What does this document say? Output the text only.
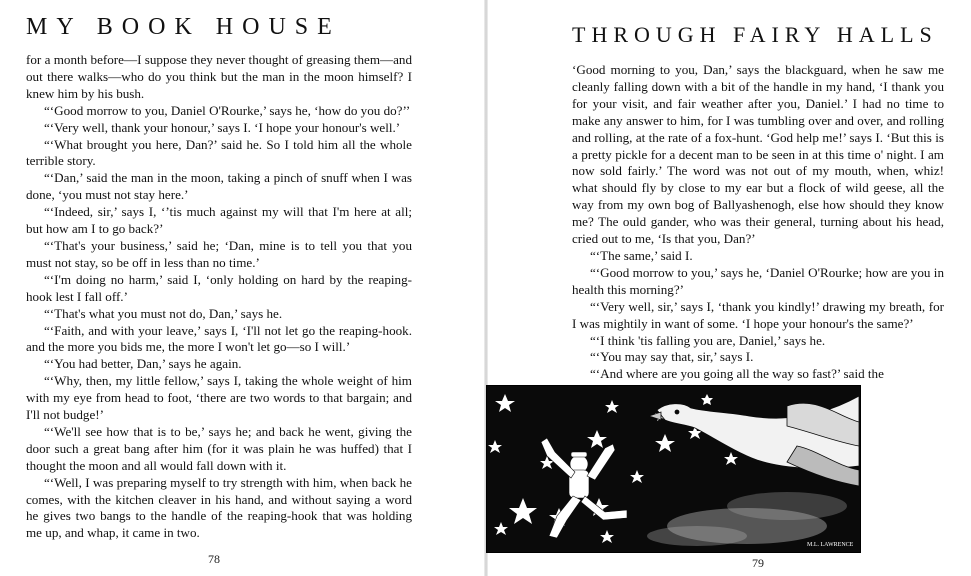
MY BOOK HOUSE

for a month before—I suppose they never thought of greasing them—and out there walks—who do you think but the man in the moon himself? I knew him by his bush.

“‘Good morrow to you, Daniel O'Rourke,’ says he, ‘how do you do?’’

“‘Very well, thank your honour,’ says I. ‘I hope your honour's well.’

“‘What brought you here, Dan?’ said he. So I told him all the whole terrible story.

“‘Dan,’ said the man in the moon, taking a pinch of snuff when I was done, ‘you must not stay here.’

“‘Indeed, sir,’ says I, ‘’tis much against my will that I'm here at all; but how am I to go back?’

“‘That's your business,’ said he; ‘Dan, mine is to tell you that you must not stay, so be off in less than no time.’

“‘I'm doing no harm,’ said I, ‘only holding on hard by the reaping-hook lest I fall off.’

“‘That's what you must not do, Dan,’ says he.

“‘Faith, and with your leave,’ says I, ‘I'll not let go the reaping-hook. and the more you bids me, the more I won't let go—so I will.’

“‘You had better, Dan,’ says he again.

“‘Why, then, my little fellow,’ says I, taking the whole weight of him with my eye from head to foot, ‘there are two words to that bargain; and I'll not budge!’

“‘We'll see how that is to be,’ says he; and back he went, giving the door such a great bang after him (for it was plain he was huffed) that I thought the moon and all would fall down with it.

“‘Well, I was preparing myself to try strength with him, when back he comes, with the kitchen cleaver in his hand, and without saying a word he gives two bangs to the handle of the reaping-hook that was holding me up, and whap, it came in two.

78
THROUGH FAIRY HALLS

‘Good morning to you, Dan,’ says the blackguard, when he saw me cleanly falling down with a bit of the handle in my hand, ‘I thank you for your visit, and fair weather after you, Daniel.’ I had no time to make any answer to him, for I was tumbling over and over, and rolling and rolling, at the rate of a fox-hunt. ‘God help me!’ says I. ‘But this is a pretty pickle for a decent man to be seen in at this time o' night. I am now sold fairly.’ The word was not out of my mouth, when, whiz! what should fly by close to my ear but a flock of wild geese, all the way from my own bog of Ballyashenogh, else how should they know me? The ould gander, who was their general, turning about his head, cried out to me, ‘Is that you, Dan?’

“‘The same,’ said I.

“‘Good morrow to you,’ says he, ‘Daniel O'Rourke; how are you in health this morning?’

“‘Very well, sir,’ says I, ‘thank you kindly!’ drawing my breath, for I was mightily in want of some. ‘I hope your honour's the same?’

“‘I think 'tis falling you are, Daniel,’ says he.

“‘You may say that, sir,’ says I.

“‘And where are you going all the way so fast?’ said the

M.L. LAWRENCE
79
